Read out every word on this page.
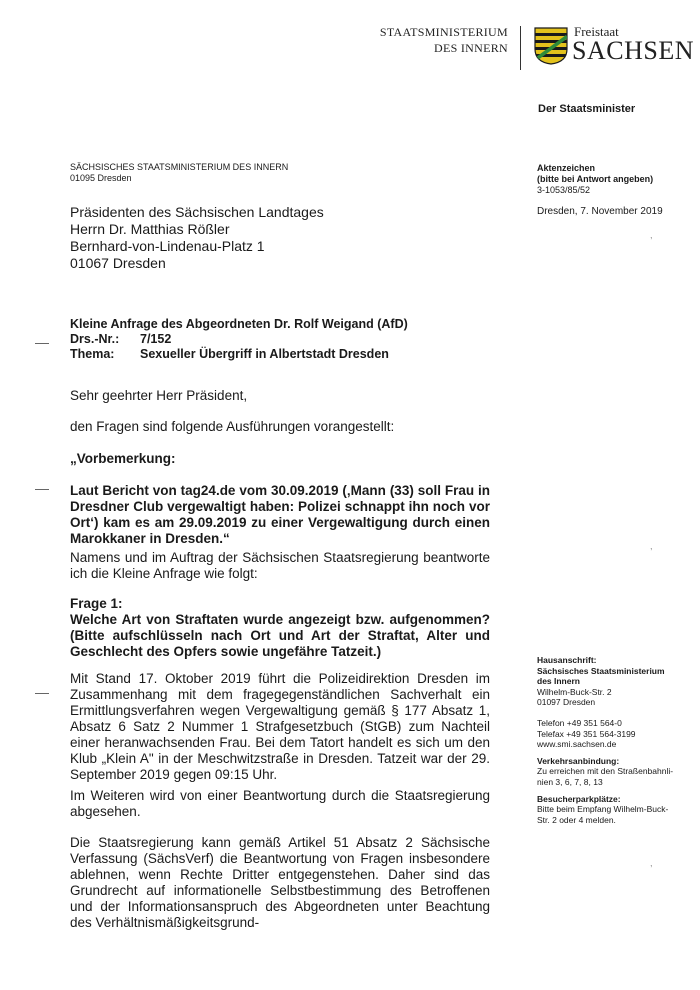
STAATSMINISTERIUM
DES INNERN
Freistaat
SACHSEN
Der Staatsminister
SÄCHSISCHES STAATSMINISTERIUM DES INNERN
01095 Dresden
Aktenzeichen
(bitte bei Antwort angeben)
3-1053/85/52
Präsidenten des Sächsischen Landtages
Herrn Dr. Matthias Rößler
Bernhard-von-Lindenau-Platz 1
01067 Dresden
Dresden, 7. November 2019
,
Kleine Anfrage des Abgeordneten Dr. Rolf Weigand (AfD)
Drs.-Nr.:	7/152
Thema:	Sexueller Übergriff in Albertstadt Dresden
Sehr geehrter Herr Präsident,
den Fragen sind folgende Ausführungen vorangestellt:
„Vorbemerkung:
Laut Bericht von tag24.de vom 30.09.2019 (‚Mann (33) soll Frau in Dresdner Club vergewaltigt haben: Polizei schnappt ihn noch vor Ort‘) kam es am 29.09.2019 zu einer Vergewaltigung durch einen Marokkaner in Dresden.“
Namens und im Auftrag der Sächsischen Staatsregierung beantworte ich die Kleine Anfrage wie folgt:
,
Frage 1:
Welche Art von Straftaten wurde angezeigt bzw. aufgenommen? (Bitte aufschlüsseln nach Ort und Art der Straftat, Alter und Geschlecht des Opfers sowie ungefähre Tatzeit.)
Mit Stand 17. Oktober 2019 führt die Polizeidirektion Dresden im Zusammenhang mit dem fragegegenständlichen Sachverhalt ein Ermittlungsverfahren wegen Vergewaltigung gemäß § 177 Absatz 1, Absatz 6 Satz 2 Nummer 1 Strafgesetzbuch (StGB) zum Nachteil einer heranwachsenden Frau. Bei dem Tatort handelt es sich um den Klub „Klein A" in der Meschwitzstraße in Dresden. Tatzeit war der 29. September 2019 gegen 09:15 Uhr.
Im Weiteren wird von einer Beantwortung durch die Staatsregierung abgesehen.
Die Staatsregierung kann gemäß Artikel 51 Absatz 2 Sächsische Verfassung (SächsVerf) die Beantwortung von Fragen insbesondere ablehnen, wenn Rechte Dritter entgegenstehen. Daher sind das Grundrecht auf informationelle Selbstbestimmung des Betroffenen und der Informationsanspruch des Abgeordneten unter Beachtung des Verhältnismäßigkeitsgrund-
,
Hausanschrift:
Sächsisches Staatsministerium
des Innern
Wilhelm-Buck-Str. 2
01097 Dresden
Telefon +49 351 564-0
Telefax +49 351 564-3199
www.smi.sachsen.de
Verkehrsanbindung:
Zu erreichen mit den Straßenbahnli-
nien 3, 6, 7, 8, 13
Besucherparkplätze:
Bitte beim Empfang Wilhelm-Buck-
Str. 2 oder 4 melden.
